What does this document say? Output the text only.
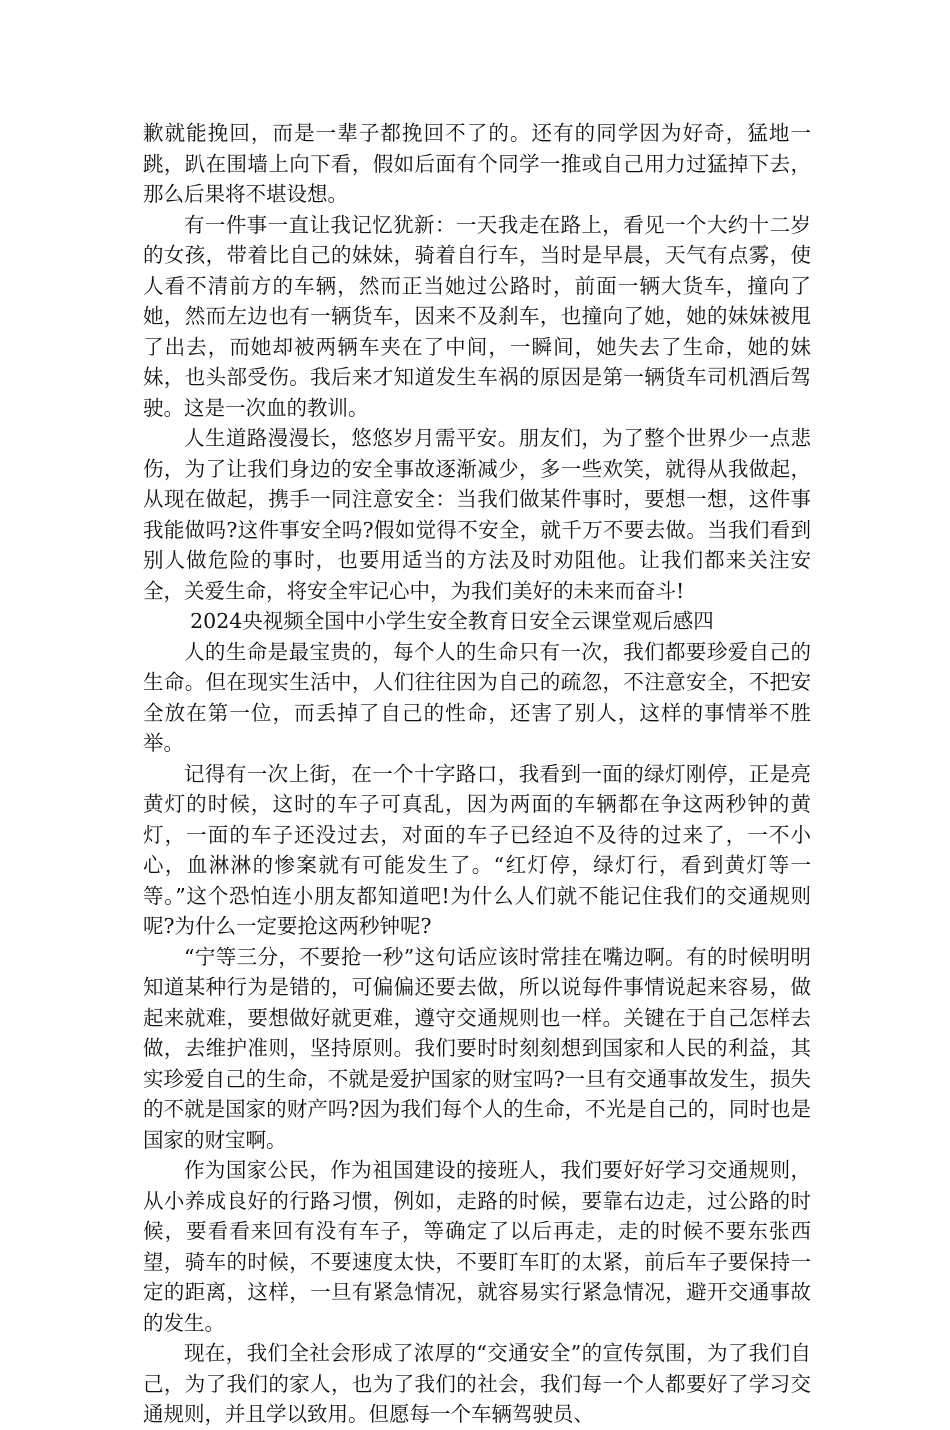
歉就能挽回，而是一辈子都挽回不了的。还有的同学因为好奇，猛地一跳，趴在围墙上向下看，假如后面有个同学一推或自己用力过猛掉下去，那么后果将不堪设想。

有一件事一直让我记忆犹新：一天我走在路上，看见一个大约十二岁的女孩，带着比自己的妹妹，骑着自行车，当时是早晨，天气有点雾，使人看不清前方的车辆，然而正当她过公路时，前面一辆大货车，撞向了她，然而左边也有一辆货车，因来不及刹车，也撞向了她，她的妹妹被甩了出去，而她却被两辆车夹在了中间，一瞬间，她失去了生命，她的妹妹，也头部受伤。我后来才知道发生车祸的原因是第一辆货车司机酒后驾驶。这是一次血的教训。

人生道路漫漫长，悠悠岁月需平安。朋友们，为了整个世界少一点悲伤，为了让我们身边的安全事故逐渐减少，多一些欢笑，就得从我做起，从现在做起，携手一同注意安全：当我们做某件事时，要想一想，这件事我能做吗?这件事安全吗?假如觉得不安全，就千万不要去做。当我们看到别人做危险的事时，也要用适当的方法及时劝阻他。让我们都来关注安全，关爱生命，将安全牢记心中，为我们美好的未来而奋斗!

2024央视频全国中小学生安全教育日安全云课堂观后感四

人的生命是最宝贵的，每个人的生命只有一次，我们都要珍爱自己的生命。但在现实生活中，人们往往因为自己的疏忽，不注意安全，不把安全放在第一位，而丢掉了自己的性命，还害了别人，这样的事情举不胜举。

记得有一次上街，在一个十字路口，我看到一面的绿灯刚停，正是亮黄灯的时候，这时的车子可真乱，因为两面的车辆都在争这两秒钟的黄灯，一面的车子还没过去，对面的车子已经迫不及待的过来了，一不小心，血淋淋的惨案就有可能发生了。“红灯停，绿灯行，看到黄灯等一等。”这个恐怕连小朋友都知道吧!为什么人们就不能记住我们的交通规则呢?为什么一定要抢这两秒钟呢?

“宁等三分，不要抢一秒”这句话应该时常挂在嘴边啊。有的时候明明知道某种行为是错的，可偏偏还要去做，所以说每件事情说起来容易，做起来就难，要想做好就更难，遵守交通规则也一样。关键在于自己怎样去做，去维护准则，坚持原则。我们要时时刻刻想到国家和人民的利益，其实珍爱自己的生命，不就是爱护国家的财宝吗?一旦有交通事故发生，损失的不就是国家的财产吗?因为我们每个人的生命，不光是自己的，同时也是国家的财宝啊。

作为国家公民，作为祖国建设的接班人，我们要好好学习交通规则，从小养成良好的行路习惯，例如，走路的时候，要靠右边走，过公路的时候，要看看来回有没有车子，等确定了以后再走，走的时候不要东张西望，骑车的时候，不要速度太快，不要盯车盯的太紧，前后车子要保持一定的距离，这样，一旦有紧急情况，就容易实行紧急情况，避开交通事故的发生。

现在，我们全社会形成了浓厚的“交通安全”的宣传氛围，为了我们自己，为了我们的家人，也为了我们的社会，我们每一个人都要好了学习交通规则，并且学以致用。但愿每一个车辆驾驶员、
